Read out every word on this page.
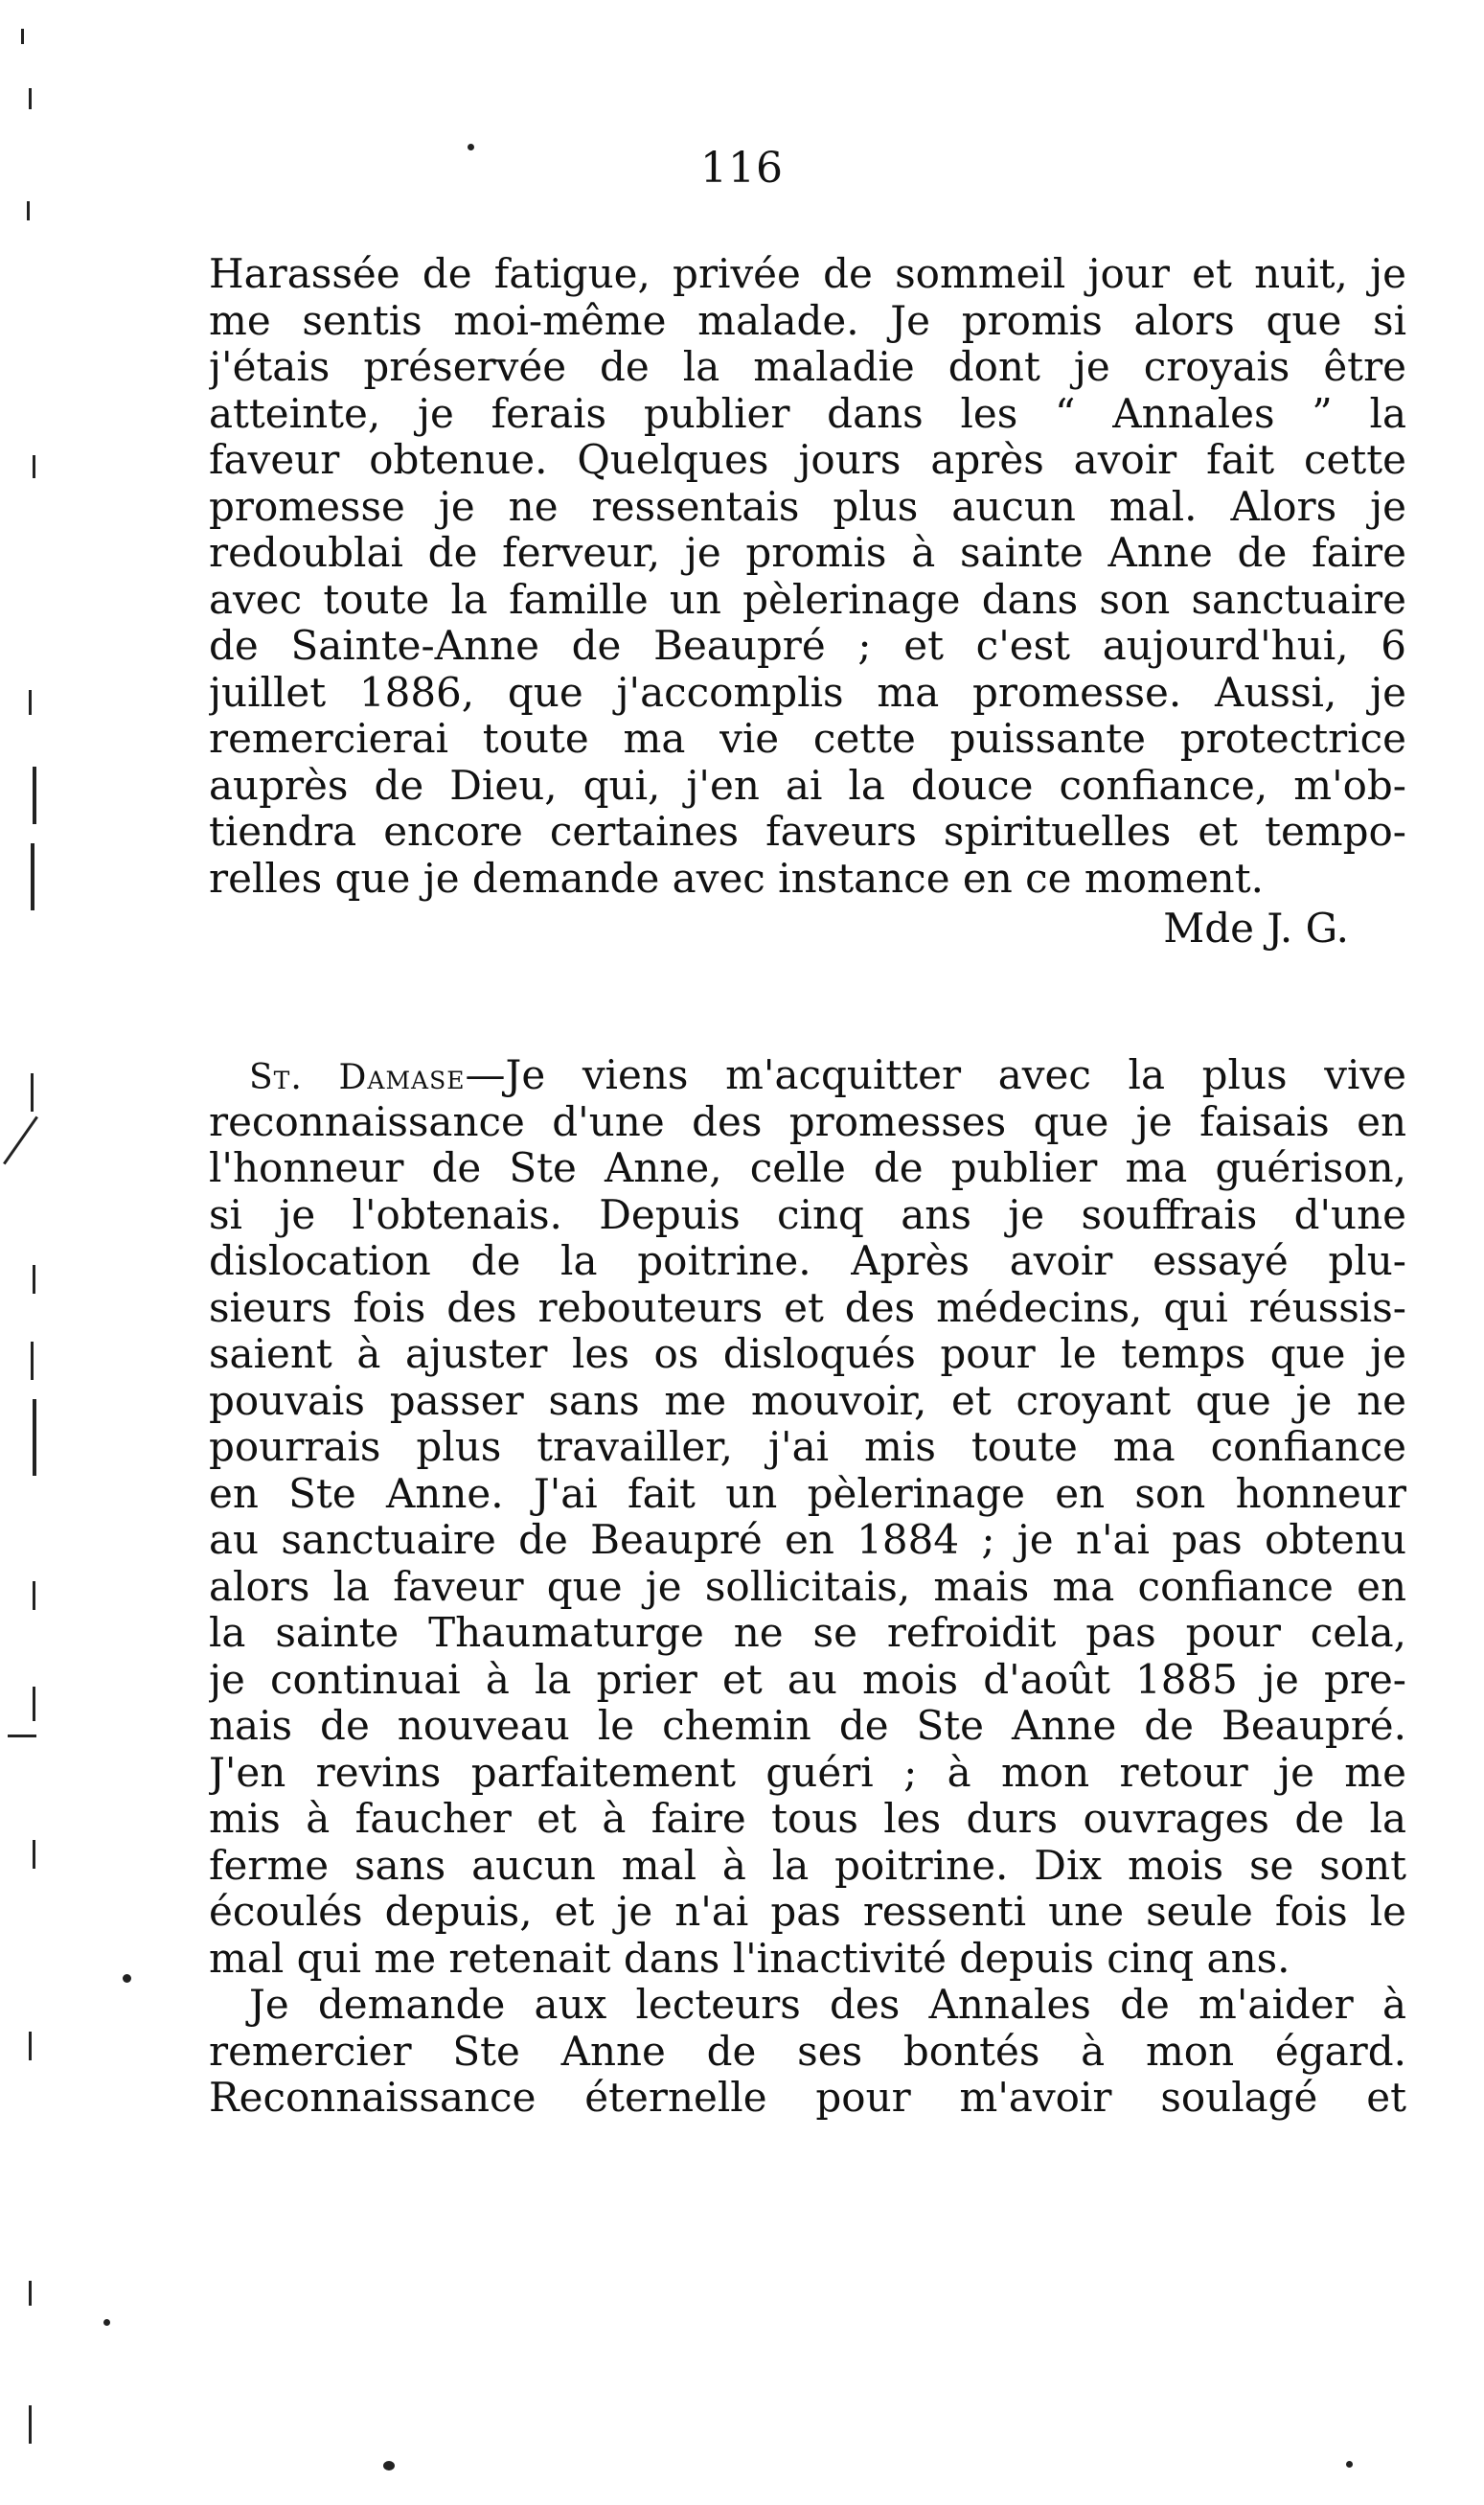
116
Harassée de fatigue, privée de sommeil jour et nuit, je
me sentis moi-même malade. Je promis alors que si
j'étais préservée de la maladie dont je croyais être
atteinte, je ferais publier dans les “ Annales ” la
faveur obtenue. Quelques jours après avoir fait cette
promesse je ne ressentais plus aucun mal. Alors je
redoublai de ferveur, je promis à sainte Anne de faire
avec toute la famille un pèlerinage dans son sanctuaire
de Sainte-Anne de Beaupré ; et c'est aujourd'hui, 6
juillet 1886, que j'accomplis ma promesse. Aussi, je
remercierai toute ma vie cette puissante protectrice
auprès de Dieu, qui, j'en ai la douce confiance, m'ob-
tiendra encore certaines faveurs spirituelles et tempo-
relles que je demande avec instance en ce moment.
Mde J. G.
St. Damase—Je viens m'acquitter avec la plus vive
reconnaissance d'une des promesses que je faisais en
l'honneur de Ste Anne, celle de publier ma guérison,
si je l'obtenais. Depuis cinq ans je souffrais d'une
dislocation de la poitrine. Après avoir essayé plu-
sieurs fois des rebouteurs et des médecins, qui réussis-
saient à ajuster les os disloqués pour le temps que je
pouvais passer sans me mouvoir, et croyant que je ne
pourrais plus travailler, j'ai mis toute ma confiance
en Ste Anne. J'ai fait un pèlerinage en son honneur
au sanctuaire de Beaupré en 1884 ; je n'ai pas obtenu
alors la faveur que je sollicitais, mais ma confiance en
la sainte Thaumaturge ne se refroidit pas pour cela,
je continuai à la prier et au mois d'août 1885 je pre-
nais de nouveau le chemin de Ste Anne de Beaupré.
J'en revins parfaitement guéri ; à mon retour je me
mis à faucher et à faire tous les durs ouvrages de la
ferme sans aucun mal à la poitrine. Dix mois se sont
écoulés depuis, et je n'ai pas ressenti une seule fois le
mal qui me retenait dans l'inactivité depuis cinq ans.
Je demande aux lecteurs des Annales de m'aider à
remercier Ste Anne de ses bontés à mon égard.
Reconnaissance éternelle pour m'avoir soulagé et
